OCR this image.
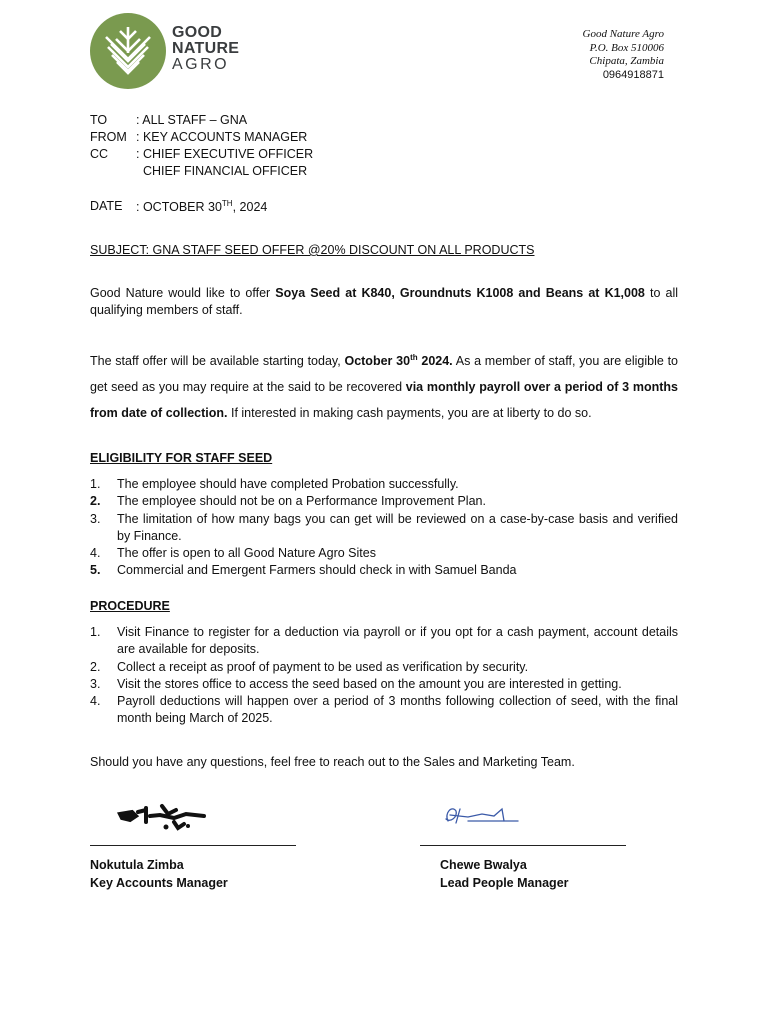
GOOD
NATURE
AGRO
Good Nature Agro
P.O. Box 510006
Chipata, Zambia
0964918871
TO	: ALL STAFF – GNA
FROM : KEY ACCOUNTS MANAGER
CC	: CHIEF EXECUTIVE OFFICER
CHIEF FINANCIAL OFFICER
DATE	: OCTOBER 30TH, 2024
SUBJECT: GNA STAFF SEED OFFER @20% DISCOUNT ON ALL PRODUCTS
Good Nature would like to offer Soya Seed at K840, Groundnuts K1008 and Beans at K1,008 to all qualifying members of staff.
The staff offer will be available starting today, October 30th 2024. As a member of staff, you are eligible to get seed as you may require at the said to be recovered via monthly payroll over a period of 3 months from date of collection. If interested in making cash payments, you are at liberty to do so.
ELIGIBILITY FOR STAFF SEED
1.	The employee should have completed Probation successfully.
2.	The employee should not be on a Performance Improvement Plan.
3.	The limitation of how many bags you can get will be reviewed on a case-by-case basis and verified by Finance.
4.	The offer is open to all Good Nature Agro Sites
5.	Commercial and Emergent Farmers should check in with Samuel Banda
PROCEDURE
1.	Visit Finance to register for a deduction via payroll or if you opt for a cash payment, account details are available for deposits.
2.	Collect a receipt as proof of payment to be used as verification by security.
3.	Visit the stores office to access the seed based on the amount you are interested in getting.
4.	Payroll deductions will happen over a period of 3 months following collection of seed, with the final month being March of 2025.
Should you have any questions, feel free to reach out to the Sales and Marketing Team.
Nokutula Zimba
Key Accounts Manager
Chewe Bwalya
Lead People Manager
